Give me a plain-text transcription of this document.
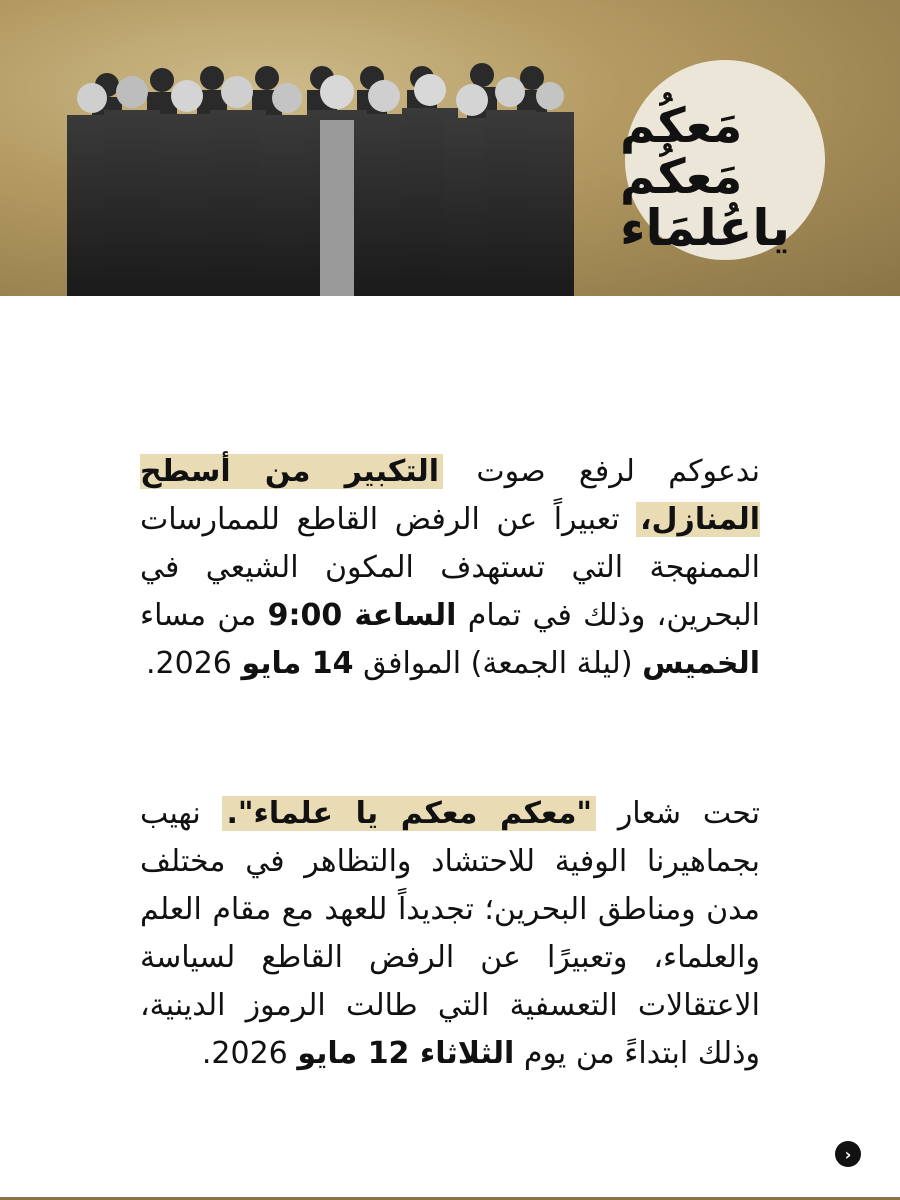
مَعكُم
مَعكُم
ياعُلمَاء
ندعوكم لرفع صوت التكبير من أسطح المنازل، تعبيراً عن الرفض القاطع للممارسات الممنهجة التي تستهدف المكون الشيعي في البحرين، وذلك في تمام الساعة 9:00 من مساء الخميس (ليلة الجمعة) الموافق 14 مايو 2026.
تحت شعار "معكم معكم يا علماء". نهيب بجماهيرنا الوفية للاحتشاد والتظاهر في مختلف مدن ومناطق البحرين؛ تجديداً للعهد مع مقام العلم والعلماء، وتعبيرًا عن الرفض القاطع لسياسة الاعتقالات التعسفية التي طالت الرموز الدينية، وذلك ابتداءً من يوم الثلاثاء 12 مايو 2026.
›
